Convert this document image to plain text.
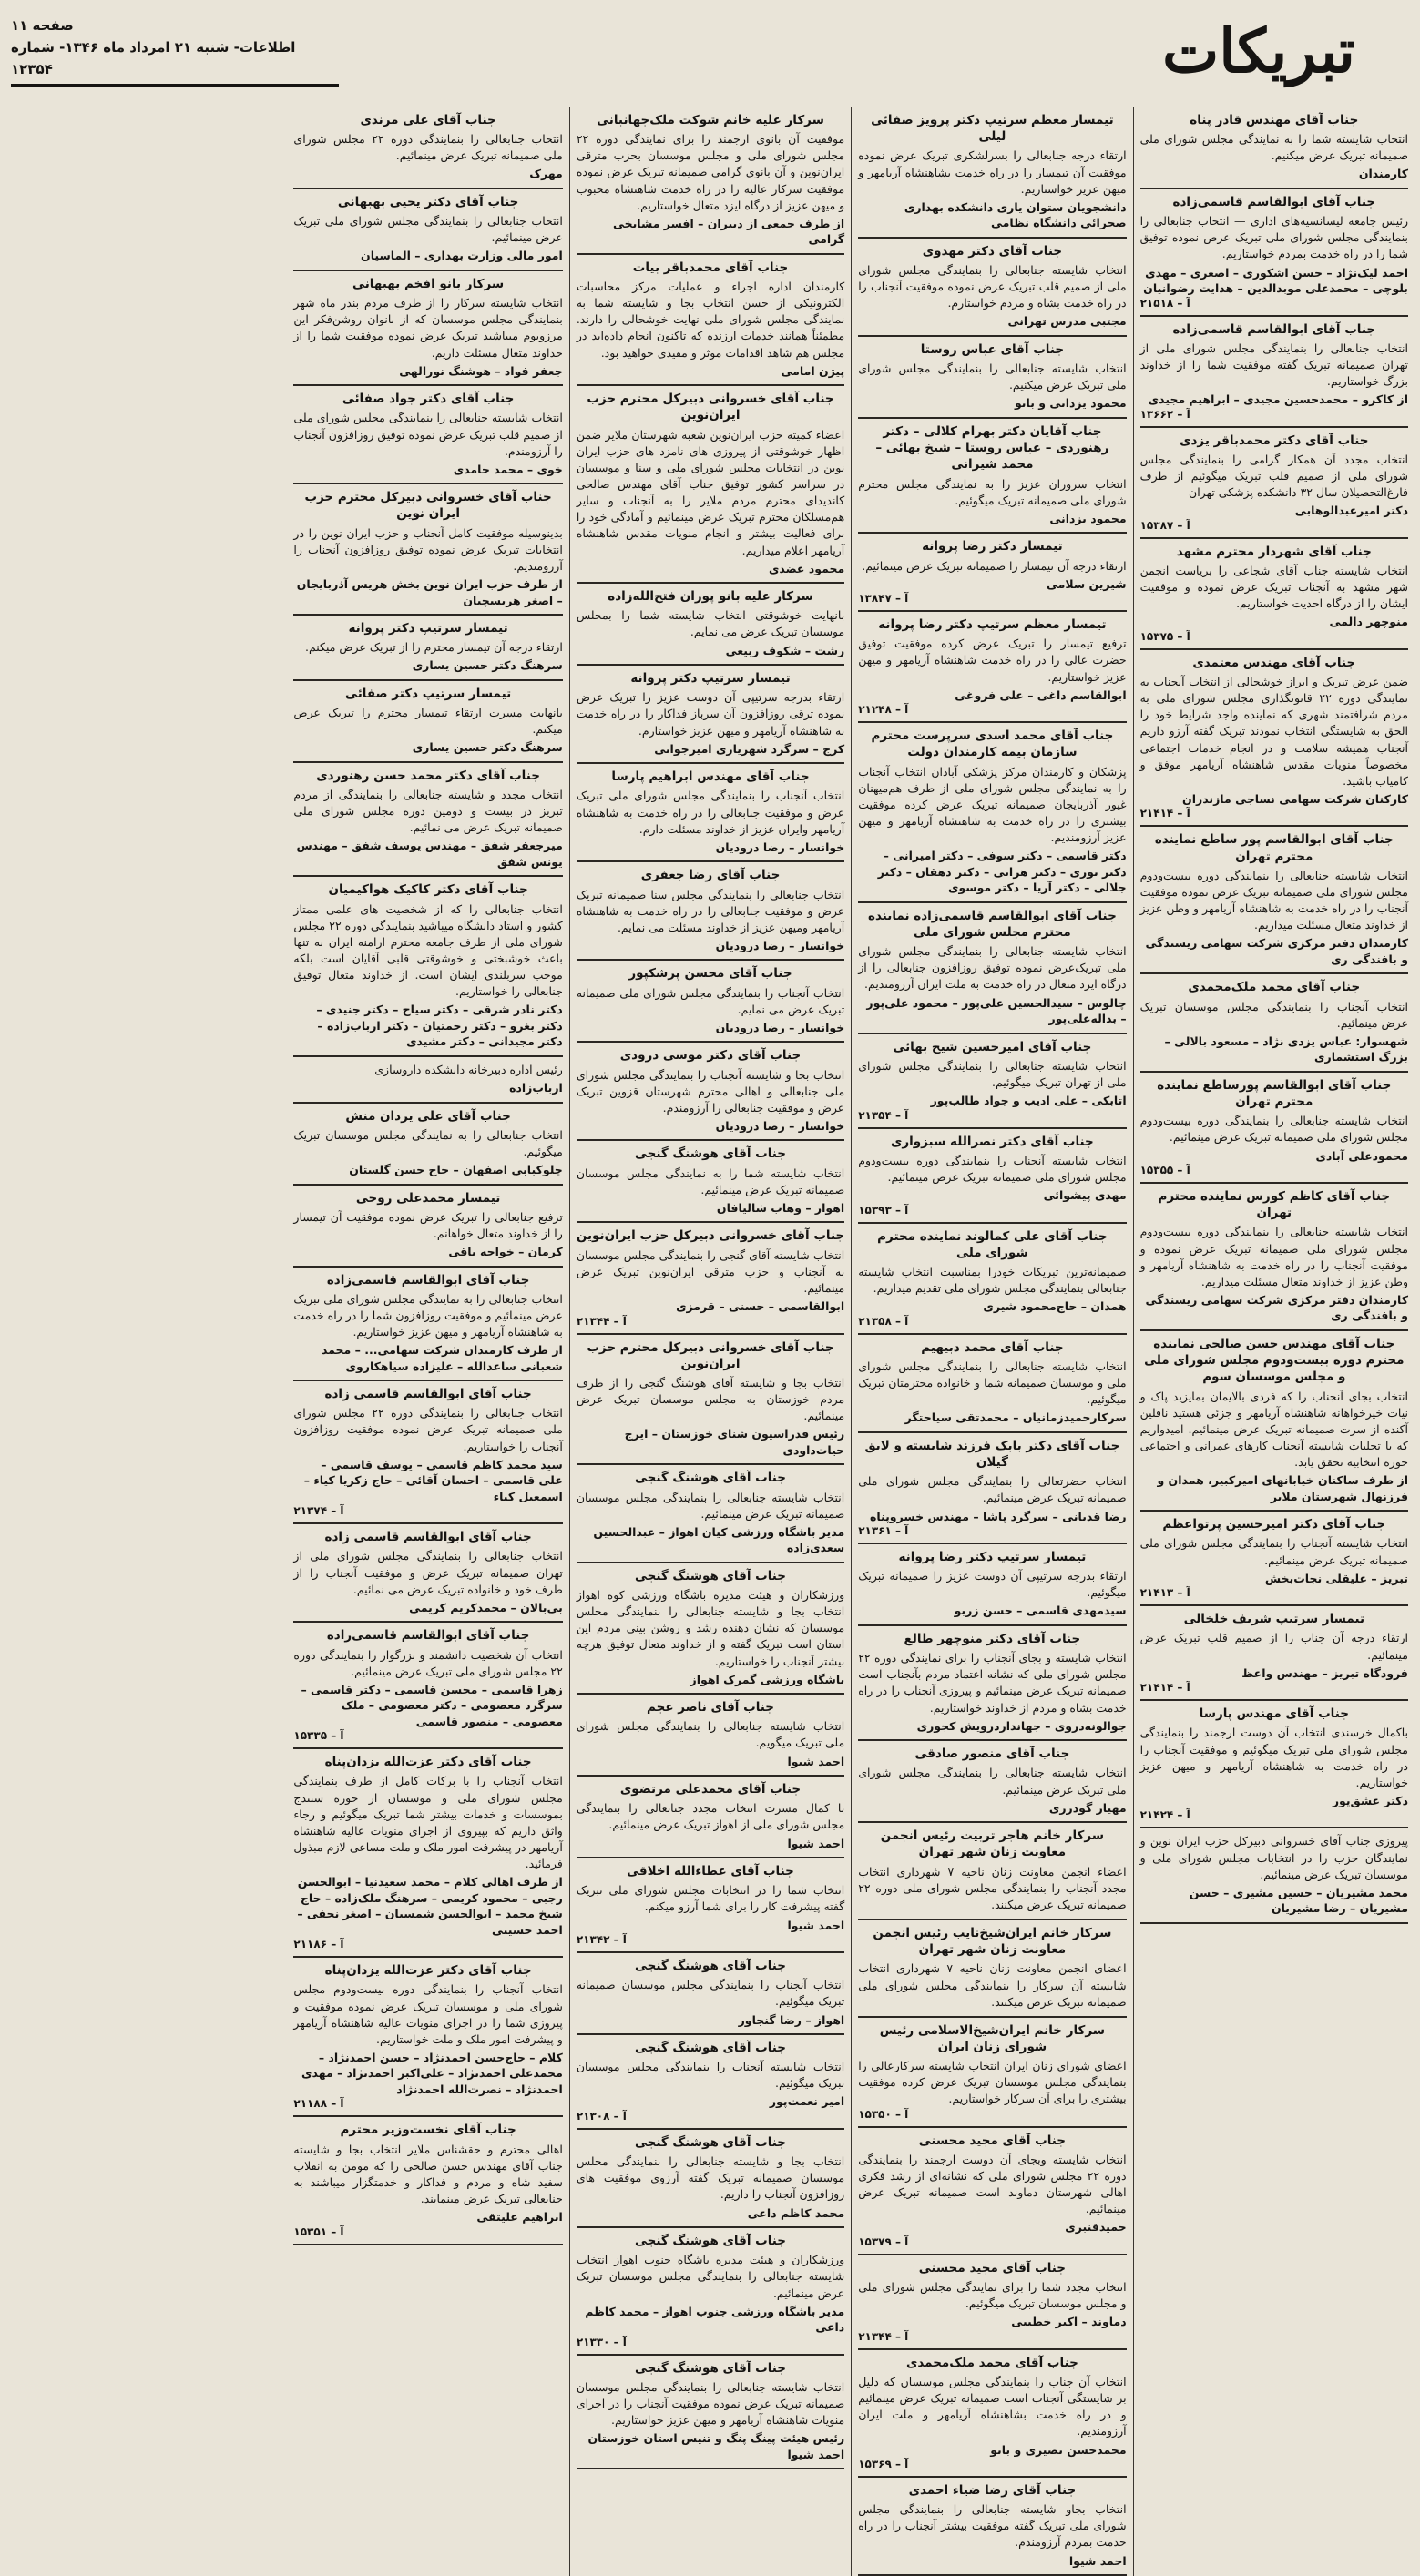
تبریکات
صفحه ۱۱
اطلاعات- شنبه ۲۱ امرداد ماه ۱۳۴۶- شماره ۱۲۳۵۴
جناب آقای مهندس قادر پناه
انتخاب شایسته شما را به نمایندگی مجلس شورای ملی صمیمانه تبریک عرض میکنیم.
کارمندان
جناب آقای ابوالقاسم قاسمی‌زاده
رئیس جامعه لیسانسیه‌های اداری — انتخاب جنابعالی را بنمایندگی مجلس شورای ملی تبریک عرض نموده توفیق شما را در راه خدمت بمردم خواستاریم.
احمد لیک‌نژاد – حسن اشکوری – اصغری – مهدی بلوچی – محمدعلی موبدالدین – هدایت رضوانیان
آ – ۲۱۵۱۸
جناب آقای ابوالقاسم قاسمی‌زاده
انتخاب جنابعالی را بنمایندگی مجلس شورای ملی از تهران صمیمانه تبریک گفته موفقیت شما را از خداوند بزرگ خواستاریم.
از کاکرو – محمدحسین مجیدی – ابراهیم مجیدی
آ – ۱۳۶۶۲
جناب آقای دکتر محمدباقر یزدی
انتخاب مجدد آن همکار گرامی را بنمایندگی مجلس شورای ملی از صمیم قلب تبریک میگوئیم از طرف فارغ‌التحصیلان سال ۳۲ دانشکده پزشکی تهران
دکتر امیرعبدالوهابی
آ – ۱۵۳۸۷
جناب آقای شهردار محترم مشهد
انتخاب شایسته جناب آقای شجاعی را بریاست انجمن شهر مشهد به آنجناب تبریک عرض نموده و موفقیت ایشان را از درگاه احدیت خواستاریم.
منوچهر دالمی
آ – ۱۵۳۷۵
جناب آقای مهندس معتمدی
ضمن عرض تبریک و ابراز خوشحالی از انتخاب آنجناب به نمایندگی دوره ۲۲ قانونگذاری مجلس شورای ملی به مردم شرافتمند شهری که نماینده واجد شرایط خود را الحق به شایستگی انتخاب نمودند تبریک گفته آرزو داریم آنجناب همیشه سلامت و در انجام خدمات اجتماعی مخصوصاً منویات مقدس شاهنشاه آریامهر موفق و کامیاب باشید.
کارکنان شرکت سهامی نساجی مازندران
آ – ۲۱۴۱۴
جناب آقای ابوالقاسم پور ساطع نماینده محترم تهران
انتخاب شایسته جنابعالی را بنمایندگی دوره بیست‌ودوم مجلس شورای ملی صمیمانه تبریک عرض نموده موفقیت آنجناب را در راه خدمت به شاهنشاه آریامهر و وطن عزیز از خداوند متعال مسئلت میداریم.
کارمندان دفتر مرکزی شرکت سهامی ریسندگی و بافندگی ری
جناب آقای محمد ملک‌محمدی
انتخاب آنجناب را بنمایندگی مجلس موسسان تبریک عرض مینمائیم.
شهسوار: عباس یزدی نژاد – مسعود بالالی – بزرگ استشماری
جناب آقای ابوالقاسم پورساطع نماینده محترم تهران
انتخاب شایسته جنابعالی را بنمایندگی دوره بیست‌ودوم مجلس شورای ملی صمیمانه تبریک عرض مینمائیم.
محمودعلی آبادی
آ – ۱۵۳۵۵
جناب آقای کاظم کورس نماینده محترم تهران
انتخاب شایسته جنابعالی را بنمایندگی دوره بیست‌ودوم مجلس شورای ملی صمیمانه تبریک عرض نموده و موفقیت آنجناب را در راه خدمت به شاهنشاه آریامهر و وطن عزیز از خداوند متعال مسئلت میداریم.
کارمندان دفتر مرکزی شرکت سهامی ریسندگی و بافندگی ری
جناب آقای مهندس حسن صالحی نماینده محترم دوره بیست‌ودوم مجلس شورای ملی و مجلس موسسان سوم
انتخاب بجای آنجناب را که فردی بالایمان بمایزید پاک و نیات خیرخواهانه شاهنشاه آریامهر و جزئی هستید ناقلین آکنده از سرت صمیمانه تبریک عرض مینمائیم. امیدواریم که با تجلیات شایسته آنجناب کارهای عمرانی و اجتماعی حوزه انتخابیه تحقق یابد.
از طرف ساکنان خیابانهای امیرکبیر، همدان و فرزنهال شهرستان ملایر
جناب آقای دکتر امیرحسین پرتواعظم
انتخاب شایسته آنجناب را بنمایندگی مجلس شورای ملی صمیمانه تبریک عرض مینمائیم.
تبریز – علیقلی نجات‌بخش
آ – ۲۱۴۱۳
تیمسار سرتیپ شریف خلخالی
ارتقاء درجه آن جناب را از صمیم قلب تبریک عرض مینمائیم.
فرودگاه تبریز – مهندس واعظ
آ – ۲۱۴۱۴
جناب آقای مهندس پارسا
باکمال خرسندی انتخاب آن دوست ارجمند را بنمایندگی مجلس شورای ملی تبریک میگوئیم و موفقیت آنجناب را در راه خدمت به شاهنشاه آریامهر و میهن عزیز خواستاریم.
دکتر عشق‌پور
آ – ۲۱۴۲۴
پیروزی جناب آقای خسروانی دبیرکل حزب ایران نوین و نمایندگان حزب را در انتخابات مجلس شورای ملی و موسسان تبریک عرض مینمائیم.
محمد مشیریان – حسین مشیری – حسن مشیریان – رضا مشیریان
تیمسار معظم سرتیپ دکتر پرویز صفائی لیلی
ارتقاء درجه جنابعالی را بسرلشکری تبریک عرض نموده موفقیت آن تیمسار را در راه خدمت بشاهنشاه آریامهر و میهن عزیز خواستاریم.
دانشجویان ستوان یاری دانشکده بهداری صحرائی دانشگاه نظامی
جناب آقای دکتر مهدوی
انتخاب شایسته جنابعالی را بنمایندگی مجلس شورای ملی از صمیم قلب تبریک عرض نموده موفقیت آنجناب را در راه خدمت بشاه و مردم خواستارم.
مجتبی مدرس تهرانی
جناب آقای عباس روستا
انتخاب شایسته جنابعالی را بنمایندگی مجلس شورای ملی تبریک عرض میکنیم.
محمود یزدانی و بانو
جناب آقایان دکتر بهرام کلالی – دکتر رهنوردی – عباس روستا – شیخ بهائی – محمد شیرانی
انتخاب سروران عزیز را به نمایندگی مجلس محترم شورای ملی صمیمانه تبریک میگوئیم.
محمود یزدانی
تیمسار دکتر رضا پروانه
ارتقاء درجه آن تیمسار را صمیمانه تبریک عرض مینمائیم.
شیرین سلامی
آ – ۱۳۸۴۷
تیمسار معظم سرتیپ دکتر رضا پروانه
ترفیع تیمسار را تبریک عرض کرده موفقیت توفیق حضرت عالی را در راه خدمت شاهنشاه آریامهر و میهن عزیز خواستاریم.
ابوالقاسم داغی – علی فروغی
آ – ۲۱۲۴۸
جناب آقای محمد اسدی سرپرست محترم سازمان بیمه کارمندان دولت
پزشکان و کارمندان مرکز پزشکی آبادان انتخاب آنجناب را به نمایندگی مجلس شورای ملی از طرف هم‌میهنان غیور آذربایجان صمیمانه تبریک عرض کرده موفقیت بیشتری را در راه خدمت به شاهنشاه آریامهر و میهن عزیز آرزومندیم.
دکتر قاسمی – دکتر سوفی – دکتر امیرانی – دکتر نوری – دکتر هراتی – دکتر دهقان – دکتر جلالی – دکتر آریا – دکتر موسوی
جناب آقای ابوالقاسم قاسمی‌زاده نماینده محترم مجلس شورای ملی
انتخاب شایسته جنابعالی را بنمایندگی مجلس شورای ملی تبریک‌عرض نموده توفیق روزافزون جنابعالی را از درگاه ایزد متعال در راه خدمت به ملت ایران آرزومندیم.
چالوس – سیدالحسین علی‌پور – محمود علی‌پور – بداله‌علی‌پور
جناب آقای امیرحسین شیخ بهائی
انتخاب شایسته جنابعالی را بنمایندگی مجلس شورای ملی از تهران تبریک میگوئیم.
اتابکی – علی ادیب و جواد طالب‌پور
آ – ۲۱۳۵۴
جناب آقای دکتر نصرالله سبزواری
انتخاب شایسته آنجناب را بنمایندگی دوره بیست‌ودوم مجلس شورای ملی صمیمانه تبریک عرض مینمائیم.
مهدی پیشوائی
آ – ۱۵۳۹۳
جناب آقای علی کمالوند نماینده محترم شورای ملی
صمیمانه‌ترین تبریکات خودرا بمناسبت انتخاب شایسته جنابعالی بنمایندگی مجلس شورای ملی تقدیم میداریم.
همدان – حاج‌محمود شیری
آ – ۲۱۳۵۸
جناب آقای محمد دبیهیم
انتخاب شایسته جنابعالی را بنمایندگی مجلس شورای ملی و موسسان صمیمانه شما و خانواده محترمتان تبریک میگوئیم.
سرکارحمیدزمانیان – محمدتقی سیاحتگر
جناب آقای دکتر بابک فرزند شایسته و لایق گیلان
انتخاب حضرتعالی را بنمایندگی مجلس شورای ملی صمیمانه تبریک عرض مینمائیم.
رضا قدیانی – سرگرد پاشا – مهندس خسروپناه
آ – ۲۱۳۶۱
تیمسار سرتیپ دکتر رضا پروانه
ارتقاء بدرجه سرتیپی آن دوست عزیز را صمیمانه تبریک میگوئیم.
سیدمهدی قاسمی – حسن زربو
جناب آقای دکتر منوچهر طالع
انتخاب شایسته و بجای آنجناب را برای نمایندگی دوره ۲۲ مجلس شورای ملی که نشانه اعتماد مردم بآنجناب است صمیمانه تبریک عرض مینمائیم و پیروزی آنجناب را در راه خدمت بشاه و مردم از خداوند خواستاریم.
جوالونه‌دروی – جهانداردرویش کجوری
جناب آقای منصور صادقی
انتخاب شایسته جنابعالی را بنمایندگی مجلس شورای ملی تبریک عرض مینمائیم.
مهیار گودرزی
سرکار خانم هاجر تربیت رئیس انجمن معاونت زنان شهر تهران
اعضاء انجمن معاونت زنان ناحیه ۷ شهرداری انتخاب مجدد آنجناب را بنمایندگی مجلس شورای ملی دوره ۲۲ صمیمانه تبریک عرض میکنند.
سرکار خانم ایران‌شیخ‌نایب رئیس انجمن معاونت زنان شهر تهران
اعضای انجمن معاونت زنان ناحیه ۷ شهرداری انتخاب شایسته آن سرکار را بنمایندگی مجلس شورای ملی صمیمانه تبریک عرض میکنند.
سرکار خانم ایران‌شیخ‌الاسلامی رئیس شورای زنان ایران
اعضای شورای زنان ایران انتخاب شایسته سرکارعالی را بنمایندگی مجلس موسسان تبریک عرض کرده موفقیت بیشتری را برای آن سرکار خواستاریم.
آ – ۱۵۳۵۰
جناب آقای مجید محسنی
انتخاب شایسته وبجای آن دوست ارجمند را بنمایندگی دوره ۲۲ مجلس شورای ملی که نشانه‌ای از رشد فکری اهالی شهرستان دماوند است صمیمانه تبریک عرض مینمائیم.
حمیدقنبری
آ – ۱۵۳۷۹
جناب آقای مجید محسنی
انتخاب مجدد شما را برای نمایندگی مجلس شورای ملی و مجلس موسسان تبریک میگوئیم.
دماوند – اکبر خطیبی
آ – ۲۱۳۴۴
جناب آقای محمد ملک‌محمدی
انتخاب آن جناب را بنمایندگی مجلس موسسان که دلیل بر شایستگی آنجناب است صمیمانه تبریک عرض مینمائیم و در راه خدمت بشاهنشاه آریامهر و ملت ایران آرزومندیم.
محمدحسن نصیری و بانو
آ – ۱۵۳۶۹
جناب آقای رضا ضیاء احمدی
انتخاب بجاو شایسته جنابعالی را بنمایندگی مجلس شورای ملی تبریک گفته موفقیت بیشتر آنجناب را در راه خدمت بمردم آرزومندم.
احمد شیوا
سرکار علیه خانم شوکت ملک‌جهانبانی
موفقیت آن بانوی ارجمند را برای نمایندگی دوره ۲۲ مجلس شورای ملی و مجلس موسسان بحزب مترقی ایران‌نوین و آن بانوی گرامی صمیمانه تبریک عرض نموده موفقیت سرکار عالیه را در راه خدمت شاهنشاه محبوب و میهن عزیز از درگاه ایزد متعال خواستاریم.
از طرف جمعی از دبیران – افسر مشایخی گرامی
جناب آقای محمدباقر بیات
کارمندان اداره اجراء و عملیات مرکز محاسبات الکترونیکی از حسن انتخاب بجا و شایسته شما به نمایندگی مجلس شورای ملی نهایت خوشحالی را دارند. مطمئناً همانند خدمات ارزنده که تاکنون انجام داده‌اید در مجلس هم شاهد اقدامات موثر و مفیدی خواهید بود.
پیژن امامی
جناب آقای خسروانی دبیرکل محترم حزب ایران‌نوین
اعضاء کمیته حزب ایران‌نوین شعبه شهرستان ملایر ضمن اظهار خوشوقتی از پیروزی های نامزد های حزب ایران نوین در انتخابات مجلس شورای ملی و سنا و موسسان در سراسر کشور توفیق جناب آقای مهندس صالحی کاندیدای محترم مردم ملایر را به آنجناب و سایر هم‌مسلکان محترم تبریک عرض مینمائیم و آمادگی خود را برای فعالیت بیشتر و انجام منویات مقدس شاهنشاه آریامهر اعلام میداریم.
محمود عضدی
سرکار علیه بانو پوران فتح‌الله‌زاده
بانهایت خوشوقتی انتخاب شایسته شما را بمجلس موسسان تبریک عرض می نمایم.
رشت – شکوف ربیعی
تیمسار سرتیپ دکتر پروانه
ارتقاء بدرجه سرتیپی آن دوست عزیز را تبریک عرض نموده ترقی روزافزون آن سرباز فداکار را در راه خدمت به شاهنشاه آریامهر و میهن عزیز خواستارم.
کرج – سرگرد شهریاری امیرجوانی
جناب آقای مهندس ابراهیم پارسا
انتخاب آنجناب را بنمایندگی مجلس شورای ملی تبریک عرض و موفقیت جنابعالی را در راه خدمت به شاهنشاه آریامهر وایران عزیز از خداوند مسئلت دارم.
خوانسار – رضا درودیان
جناب آقای رضا جعفری
انتخاب جنابعالی را بنمایندگی مجلس سنا صمیمانه تبریک عرض و موفقیت جنابعالی را در راه خدمت به شاهنشاه آریامهر ومیهن عزیز از خداوند مسئلت می نمایم.
خوانسار – رضا درودیان
جناب آقای محسن پزشکپور
انتخاب آنجناب را بنمایندگی مجلس شورای ملی صمیمانه تبریک عرض می نمایم.
خوانسار – رضا درودیان
جناب آقای دکتر موسی درودی
انتخاب بجا و شایسته آنجناب را بنمایندگی مجلس شورای ملی جنابعالی و اهالی محترم شهرستان قزوین تبریک عرض و موفقیت جنابعالی را آرزومندم.
خوانسار – رضا درودیان
جناب آقای هوشنگ گنجی
انتخاب شایسته شما را به نمایندگی مجلس موسسان صمیمانه تبریک عرض مینمائیم.
اهواز – وهاب شالیافان
جناب آقای خسروانی دبیرکل حزب ایران‌نوین
انتخاب شایسته آقای گنجی را بنمایندگی مجلس موسسان به آنجناب و حزب مترقی ایران‌نوین تبریک عرض مینمائیم.
ابوالقاسمی – حسنی – قرمزی
آ – ۲۱۳۴۴
جناب آقای خسروانی دبیرکل محترم حزب ایران‌نوین
انتخاب بجا و شایسته آقای هوشنگ گنجی را از طرف مردم خوزستان به مجلس موسسان تبریک عرض مینمائیم.
رئیس فدراسیون شنای خوزستان – ایرج حیات‌داودی
جناب آقای هوشنگ گنجی
انتخاب شایسته جنابعالی را بنمایندگی مجلس موسسان صمیمانه تبریک عرض مینمائیم.
مدیر باشگاه ورزشی کیان اهواز – عبدالحسین سعدی‌زاده
جناب آقای هوشنگ گنجی
ورزشکاران و هیئت مدیره باشگاه ورزشی کوه اهواز انتخاب بجا و شایسته جنابعالی را بنمایندگی مجلس موسسان که نشان دهنده رشد و روشن بینی مردم این استان است تبریک گفته و از خداوند متعال توفیق هرچه بیشتر آنجناب را خواستاریم.
باشگاه ورزشی گمرک اهواز
جناب آقای ناصر عجم
انتخاب شایسته جنابعالی را بنمایندگی مجلس شورای ملی تبریک میگویم.
احمد شیوا
جناب آقای محمدعلی مرتضوی
با کمال مسرت انتخاب مجدد جنابعالی را بنمایندگی مجلس شورای ملی از اهواز تبریک عرض مینمائیم.
احمد شیوا
جناب آقای عطاءالله اخلاقی
انتخاب شما را در انتخابات مجلس شورای ملی تبریک گفته پیشرفت کار را برای شما آرزو میکنم.
احمد شیوا
آ – ۲۱۳۴۲
جناب آقای هوشنگ گنجی
انتخاب آنجناب را بنمایندگی مجلس موسسان صمیمانه تبریک میگوئیم.
اهواز – رضا گنجاور
جناب آقای هوشنگ گنجی
انتخاب شایسته آنجناب را بنمایندگی مجلس موسسان تبریک میگوئیم.
امیر نعمت‌پور
آ – ۲۱۳۰۸
جناب آقای هوشنگ گنجی
انتخاب بجا و شایسته جنابعالی را بنمایندگی مجلس موسسان صمیمانه تبریک گفته آرزوی موفقیت های روزافزون آنجناب را داریم.
محمد کاظم داعی
جناب آقای هوشنگ گنجی
ورزشکاران و هیئت مدیره باشگاه جنوب اهواز انتخاب شایسته جنابعالی را بنمایندگی مجلس موسسان تبریک عرض مینمائیم.
مدیر باشگاه ورزشی جنوب اهواز – محمد کاظم داعی
آ – ۲۱۳۳۰
جناب آقای هوشنگ گنجی
انتخاب شایسته جنابعالی را بنمایندگی مجلس موسسان صمیمانه تبریک عرض نموده موفقیت آنجناب را در اجرای منویات شاهنشاه آریامهر و میهن عزیز خواستاریم.
رئیس هیئت پینگ پنگ و تنیس استان خوزستان احمد شیوا
جناب آقای علی مرندی
انتخاب جنابعالی را بنمایندگی دوره ۲۲ مجلس شورای ملی صمیمانه تبریک عرض مینمائیم.
مهرک
جناب آقای دکتر یحیی بهبهانی
انتخاب جنابعالی را بنمایندگی مجلس شورای ملی تبریک عرض مینمائیم.
امور مالی وزارت بهداری – الماسیان
سرکار بانو افخم بهبهانی
انتخاب شایسته سرکار را از طرف مردم بندر ماه شهر بنمایندگی مجلس موسسان که از بانوان روشن‌فکر این مرزوبوم میباشید تبریک عرض نموده موفقیت شما را از خداوند متعال مسئلت داریم.
جعفر فواد – هوشنگ نورالهی
جناب آقای دکتر جواد صفائی
انتخاب شایسته جنابعالی را بنمایندگی مجلس شورای ملی از صمیم قلب تبریک عرض نموده توفیق روزافزون آنجناب را آرزومندم.
خوی – محمد حامدی
جناب آقای خسروانی دبیرکل محترم حزب ایران نوین
بدینوسیله موفقیت کامل آنجناب و حزب ایران نوین را در انتخابات تبریک عرض نموده توفیق روزافزون آنجناب را آرزومندیم.
از طرف حزب ایران نوین بخش هریس آذربایجان – اصغر هریسچیان
تیمسار سرتیپ دکتر پروانه
ارتقاء درجه آن تیمسار محترم را از تبریک عرض میکنم.
سرهنگ دکتر حسین یساری
تیمسار سرتیپ دکتر صفائی
بانهایت مسرت ارتقاء تیمسار محترم را تبریک عرض میکنم.
سرهنگ دکتر حسین یساری
جناب آقای دکتر محمد حسن رهنوردی
انتخاب مجدد و شایسته جنابعالی را بنمایندگی از مردم تبریز در بیست و دومین دوره مجلس شورای ملی صمیمانه تبریک عرض می نمائیم.
میرجعفر شفق – مهندس یوسف شفق – مهندس یونس شفق
جناب آقای دکتر کاکیک هواکیمیان
انتخاب جنابعالی را که از شخصیت های علمی ممتاز کشور و استاد دانشگاه میباشید بنمایندگی دوره ۲۲ مجلس شورای ملی از طرف جامعه محترم ارامنه ایران نه تنها باعث خوشبختی و خوشوقتی قلبی آقایان است بلکه موجب سربلندی ایشان است. از خداوند متعال توفیق جنابعالی را خواستاریم.
دکتر نادر شرقی – دکتر سیاح – دکتر جنیدی – دکتر بغرو – دکتر رحمتیان – دکتر ارباب‌زاده – دکتر مجیدانی – دکتر مشیدی
رئیس اداره دبیرخانه دانشکده داروسازی
ارباب‌زاده
جناب آقای علی یزدان منش
انتخاب جنابعالی را به نمایندگی مجلس موسسان تبریک میگوئیم.
چلوکبابی اصفهان – حاج حسن گلستان
تیمسار محمدعلی روحی
ترفیع جنابعالی را تبریک عرض نموده موفقیت آن تیمسار را از خداوند متعال خواهانم.
کرمان – خواجه باقی
جناب آقای ابوالقاسم قاسمی‌زاده
انتخاب جنابعالی را به نمایندگی مجلس شورای ملی تبریک عرض مینمائیم و موفقیت روزافزون شما را در راه خدمت به شاهنشاه آریامهر و میهن عزیز خواستاریم.
از طرف کارمندان شرکت سهامی... – محمد شعبانی ساعدالله – علیزاده سیاهکاروی
جناب آقای ابوالقاسم قاسمی زاده
انتخاب جنابعالی را بنمایندگی دوره ۲۲ مجلس شورای ملی صمیمانه تبریک عرض نموده موفقیت روزافزون آنجناب را خواستاریم.
سید محمد کاظم قاسمی – یوسف قاسمی – علی قاسمی – احسان آقائی – حاج زکریا کیاء – اسمعیل کیاء
آ – ۲۱۳۷۴
جناب آقای ابوالقاسم قاسمی زاده
انتخاب جنابعالی را بنمایندگی مجلس شورای ملی از تهران صمیمانه تبریک عرض و موفقیت آنجناب را از طرف خود و خانواده تبریک عرض می نمائیم.
بی‌بالان – محمدکریم کریمی
جناب آقای ابوالقاسم قاسمی‌زاده
انتخاب آن شخصیت دانشمند و بزرگوار را بنمایندگی دوره ۲۲ مجلس شورای ملی تبریک عرض مینمائیم.
زهرا قاسمی – محسن قاسمی – دکتر قاسمی – سرگرد معصومی – دکتر معصومی – ملک معصومی – منصور قاسمی
آ – ۱۵۳۳۵
جناب آقای دکتر عزت‌الله یزدان‌پناه
انتخاب آنجناب را با برکات کامل از طرف بنمایندگی مجلس شورای ملی و موسسان از حوزه سنندج بموسسات و خدمات بیشتر شما تبریک میگوئیم و رجاء واثق داریم که بپیروی از اجرای منویات عالیه شاهنشاه آریامهر در پیشرفت امور ملک و ملت مساعی لازم مبذول فرمائید.
از طرف اهالی کلام – محمد سعیدنیا – ابوالحسن رجبی – محمود کریمی – سرهنگ ملک‌زاده – حاج شیخ محمد – ابوالحسن شمسیان – اصغر نجفی – احمد حسینی
آ – ۲۱۱۸۶
جناب آقای دکتر عزت‌الله یزدان‌پناه
انتخاب آنجناب را بنمایندگی دوره بیست‌ودوم مجلس شورای ملی و موسسان تبریک عرض نموده موفقیت و پیروزی شما را در اجرای منویات عالیه شاهنشاه آریامهر و پیشرفت امور ملک و ملت خواستاریم.
کلام – حاج‌حسن احمدنژاد – حسن احمدنژاد – محمدعلی احمدنژاد – علی‌اکبر احمدنژاد – مهدی احمدنژاد – نصرت‌الله احمدنژاد
آ – ۲۱۱۸۸
جناب آقای نخست‌وزیر محترم
اهالی محترم و حقشناس ملایر انتخاب بجا و شایسته جناب آقای مهندس حسن صالحی را که مومن به انقلاب سفید شاه و مردم و فداکار و خدمتگزار میباشند به جنابعالی تبریک عرض مینمایند.
ابراهیم علیتقی
آ – ۱۵۳۵۱
